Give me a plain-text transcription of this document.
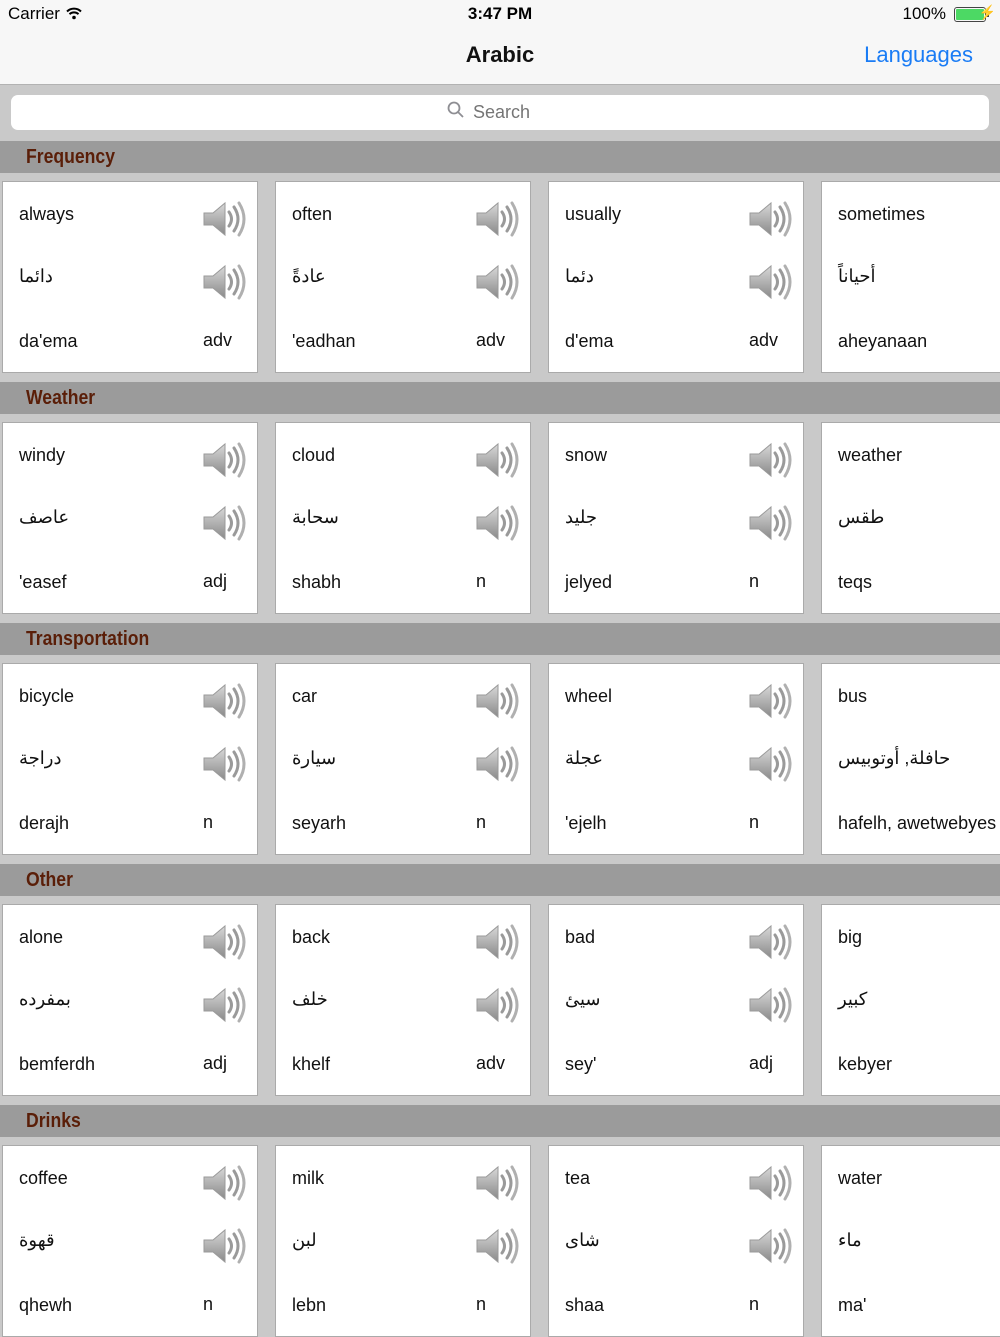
Carrier	3:47 PM	100% ⚡
Arabic	Languages
Search
Frequency
always
دائما
da'ema	adv
often
عادةً
'eadhan	adv
usually
دئما
d'ema	adv
sometimes
أحياناً
aheyanaan
Weather
windy
عاصف
'easef	adj
cloud
سحابة
shabh	n
snow
جليد
jelyed	n
weather
طقس
teqs
Transportation
bicycle
دراجة
derajh	n
car
سيارة
seyarh	n
wheel
عجلة
'ejelh	n
bus
حافلة, أوتوبيس
hafelh, awetwebyes
Other
alone
بمفرده
bemferdh	adj
back
خلف
khelf	adv
bad
سيئ
sey'	adj
big
كبير
kebyer
Drinks
coffee
قهوة
qhewh	n
milk
لبن
lebn	n
tea
شاى
shaa	n
water
ماء
ma'
